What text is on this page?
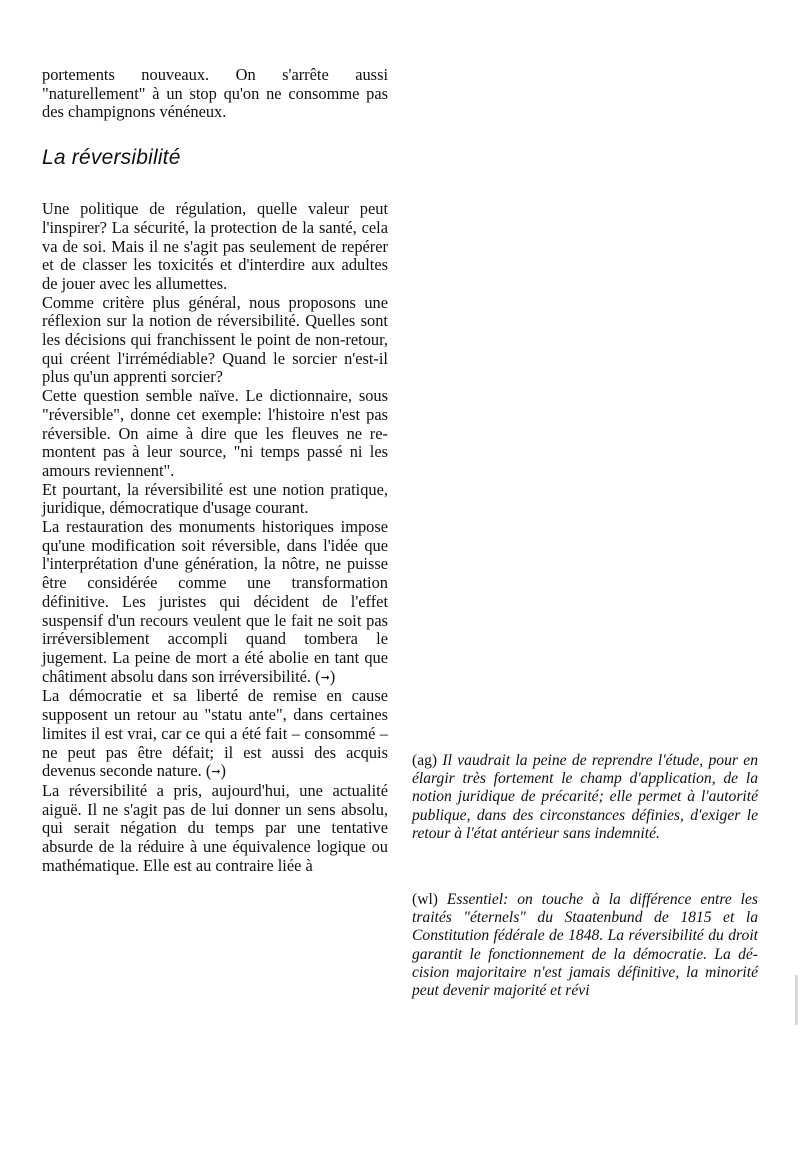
portements nouveaux. On s'arrête aussi "naturellement" à un stop qu'on ne consomme pas des champignons vénéneux.

La réversibilité

Une politique de régulation, quelle valeur peut l'inspirer? La sécurité, la protection de la santé, cela va de soi. Mais il ne s'agit pas seulement de repérer et de classer les toxicités et d'interdire aux adultes de jouer avec les allumettes.

Comme critère plus général, nous proposons une réflexion sur la notion de réversibilité. Quelles sont les décisions qui franchissent le point de non-retour, qui créent l'irrémédiable? Quand le sorcier n'est-il plus qu'un apprenti sorcier?

Cette question semble naïve. Le dictionnaire, sous "réversible", donne cet exemple: l'histoire n'est pas réversible. On aime à dire que les fleuves ne remontent pas à leur source, "ni temps passé ni les amours reviennent".

Et pourtant, la réversibilité est une notion pratique, juridique, démocratique d'usage courant.

La restauration des monuments historiques impose qu'une modification soit réversible, dans l'idée que l'interprétation d'une génération, la nôtre, ne puisse être considérée comme une transformation définitive. Les juristes qui décident de l'effet suspensif d'un recours veulent que le fait ne soit pas irréversiblement accompli quand tombera le jugement. La peine de mort a été abolie en tant que châtiment absolu dans son irréversibilité. (➞)

La démocratie et sa liberté de remise en cause supposent un retour au "statu ante", dans certaines limites il est vrai, car ce qui a été fait – consommé – ne peut pas être défait; il est aussi des acquis devenus seconde nature. (➞)

La réversibilité a pris, aujourd'hui, une actualité aiguë. Il ne s'agit pas de lui donner un sens absolu, qui serait négation du temps par une tentative absurde de la réduire à une équivalence logique ou mathématique. Elle est au contraire liée à

(ag) Il vaudrait la peine de reprendre l'étude, pour en élargir très fortement le champ d'application, de la notion juridique de précarité; elle permet à l'autorité publique, dans des circonstances définies, d'exiger le retour à l'état antérieur sans indemnité.

(wl) Essentiel: on touche à la différence entre les traités "éternels" du Staatenbund de 1815 et la Constitution fédérale de 1848. La réversibilité du droit garantit le fonctionnement de la démocratie. La décision majoritaire n'est jamais définitive, la minorité peut devenir majorité et révi
